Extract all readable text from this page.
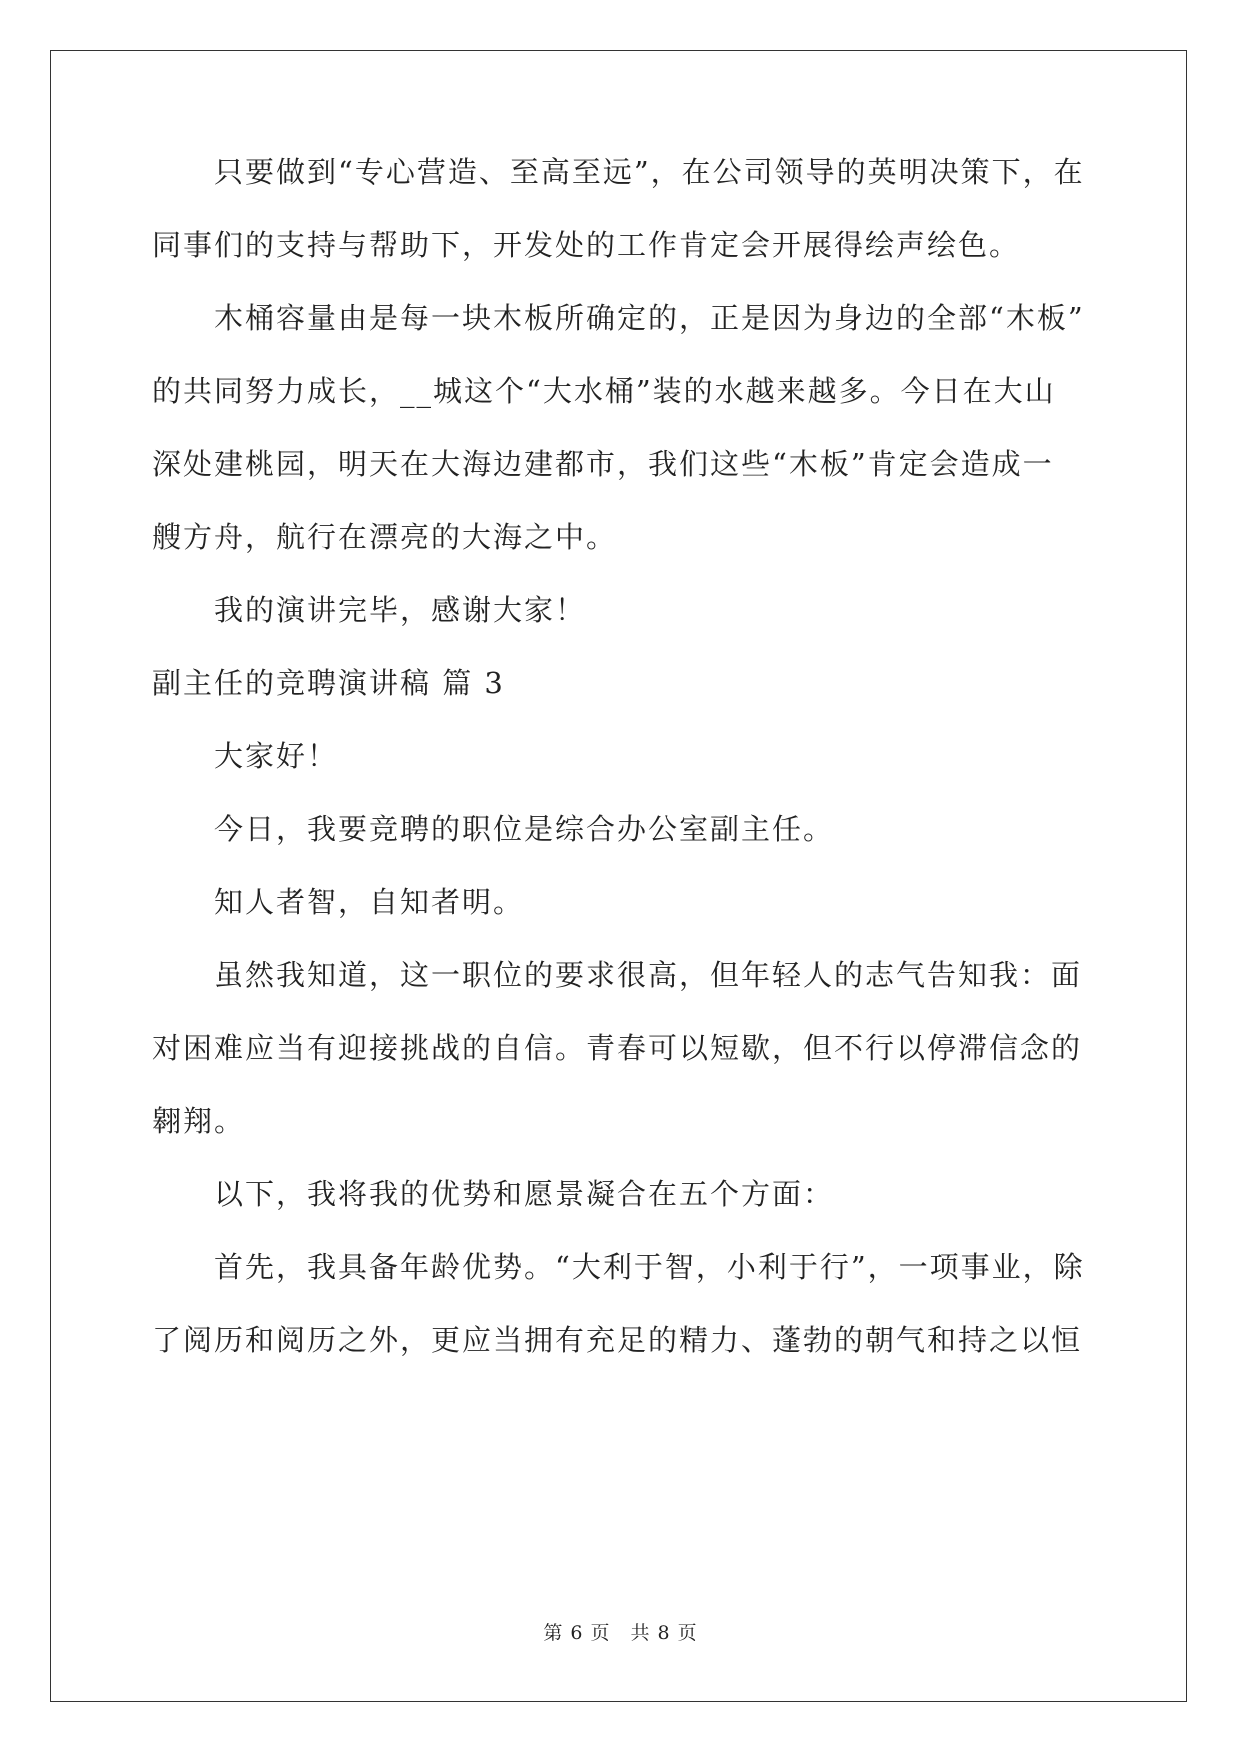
只要做到“专心营造、至高至远”，在公司领导的英明决策下，在
同事们的支持与帮助下，开发处的工作肯定会开展得绘声绘色。
木桶容量由是每一块木板所确定的，正是因为身边的全部“木板”
的共同努力成长，__城这个“大水桶”装的水越来越多。今日在大山
深处建桃园，明天在大海边建都市，我们这些“木板”肯定会造成一
艘方舟，航行在漂亮的大海之中。
我的演讲完毕，感谢大家！
副主任的竞聘演讲稿 篇 3
大家好！
今日，我要竞聘的职位是综合办公室副主任。
知人者智，自知者明。
虽然我知道，这一职位的要求很高，但年轻人的志气告知我：面
对困难应当有迎接挑战的自信。青春可以短歇，但不行以停滞信念的
翱翔。
以下，我将我的优势和愿景凝合在五个方面：
首先，我具备年龄优势。“大利于智，小利于行”，一项事业，除
了阅历和阅历之外，更应当拥有充足的精力、蓬勃的朝气和持之以恒
第 6 页　共 8 页
